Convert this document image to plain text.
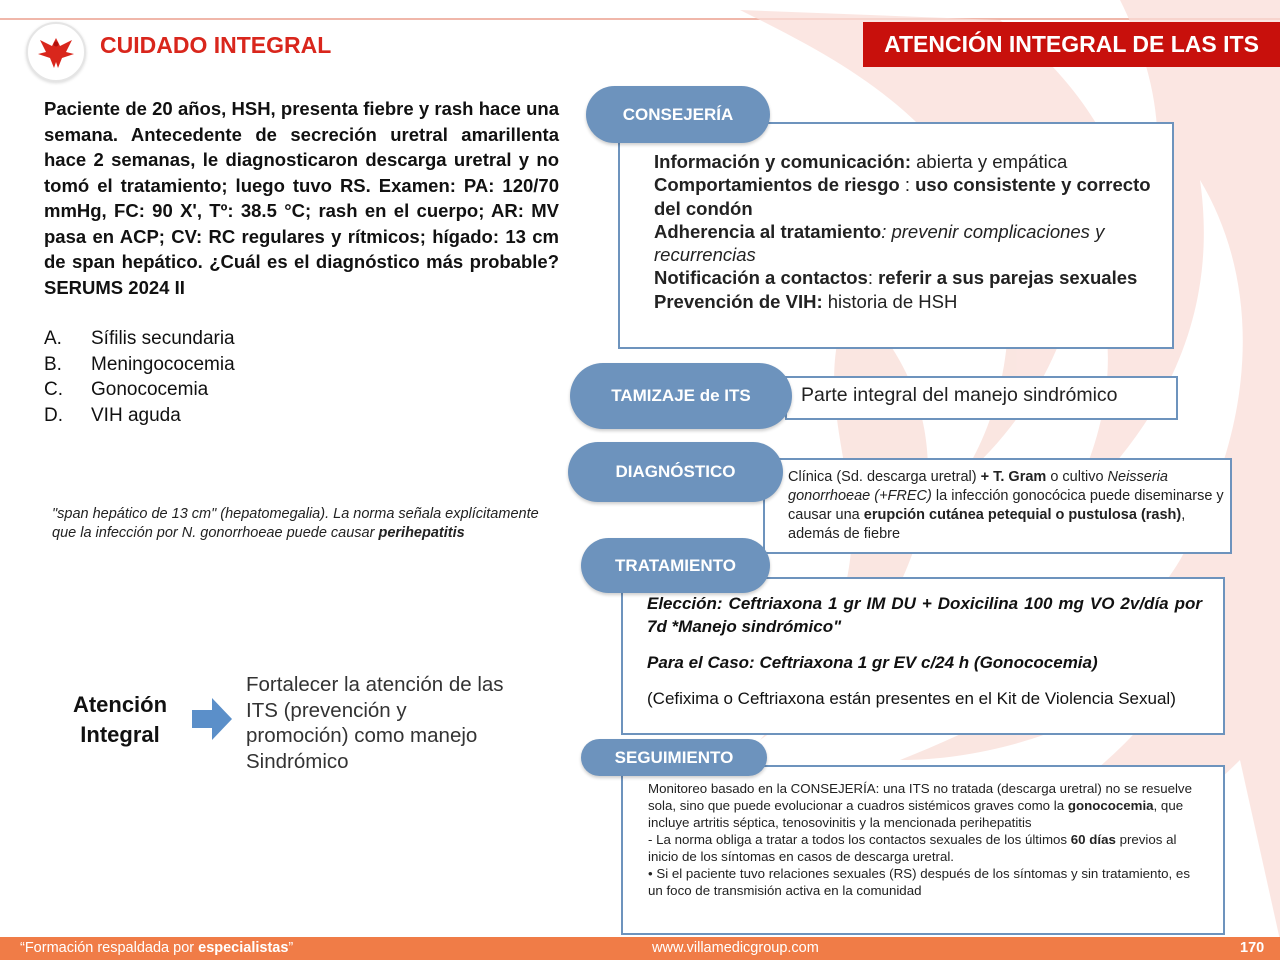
CUIDADO INTEGRAL	ATENCIÓN INTEGRAL DE LAS ITS
Paciente de 20 años, HSH, presenta fiebre y rash hace una semana. Antecedente de secreción uretral amarillenta hace 2 semanas, le diagnosticaron descarga uretral y no tomó el tratamiento; luego tuvo RS. Examen: PA: 120/70 mmHg, FC: 90 X', Tº: 38.5 °C; rash en el cuerpo; AR: MV pasa en ACP; CV: RC regulares y rítmicos; hígado: 13 cm de span hepático. ¿Cuál es el diagnóstico más probable? SERUMS 2024 II
A.	Sífilis secundaria
B.	Meningococemia
C.	Gonococemia
D.	VIH aguda
"span hepático de 13 cm" (hepatomegalia). La norma señala explícitamente que la infección por N. gonorrhoeae puede causar perihepatitis
Atención
Integral
Fortalecer la atención de las ITS (prevención y promoción) como manejo Sindrómico
CONSEJERÍA
Información y comunicación: abierta y empática
Comportamientos de riesgo : uso consistente y correcto del condón
Adherencia al tratamiento: prevenir complicaciones y recurrencias
Notificación a contactos: referir a sus parejas sexuales
Prevención de VIH: historia de HSH
TAMIZAJE de ITS	Parte integral del manejo sindrómico
DIAGNÓSTICO	Clínica (Sd. descarga uretral) + T. Gram o cultivo Neisseria gonorrhoeae (+FREC) la infección gonocócica puede diseminarse y causar una erupción cutánea petequial o pustulosa (rash), además de fiebre
TRATAMIENTO

Elección: Ceftriaxona 1 gr IM DU + Doxicilina 100 mg VO 2v/día por 7d *Manejo sindrómico"

Para el Caso: Ceftriaxona 1 gr EV c/24 h (Gonococemia)

(Cefixima o Ceftriaxona están presentes en el Kit de Violencia Sexual)

SEGUIMIENTO
Monitoreo basado en la CONSEJERÍA: una ITS no tratada (descarga uretral) no se resuelve sola, sino que puede evolucionar a cuadros sistémicos graves como la gonococemia, que incluye artritis séptica, tenosovinitis y la mencionada perihepatitis
- La norma obliga a tratar a todos los contactos sexuales de los últimos 60 días previos al inicio de los síntomas en casos de descarga uretral.
• Si el paciente tuvo relaciones sexuales (RS) después de los síntomas y sin tratamiento, es un foco de transmisión activa en la comunidad
“Formación respaldada por especialistas”	www.villamedicgroup.com	170
